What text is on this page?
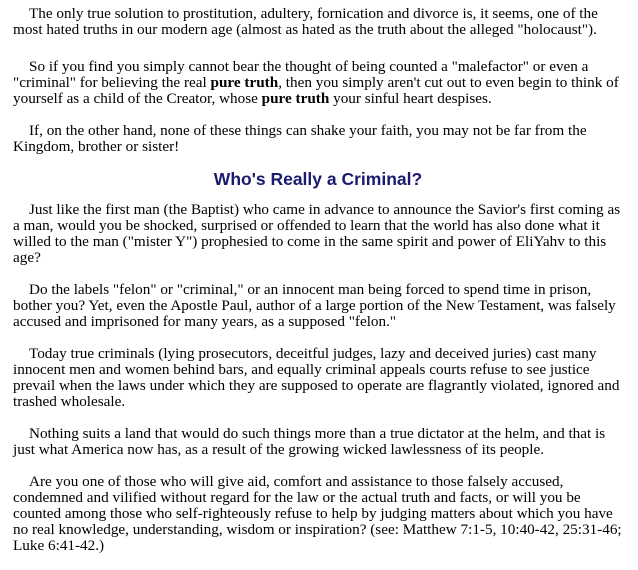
The only true solution to prostitution, adultery, fornication and divorce is, it seems, one of the most hated truths in our modern age (almost as hated as the truth about the alleged "holocaust").

So if you find you simply cannot bear the thought of being counted a "malefactor" or even a "criminal" for believing the real pure truth, then you simply aren't cut out to even begin to think of yourself as a child of the Creator, whose pure truth your sinful heart despises.

If, on the other hand, none of these things can shake your faith, you may not be far from the Kingdom, brother or sister!

Who's Really a Criminal?

Just like the first man (the Baptist) who came in advance to announce the Savior's first coming as a man, would you be shocked, surprised or offended to learn that the world has also done what it willed to the man ("mister Y") prophesied to come in the same spirit and power of EliYahv to this age?

Do the labels "felon" or "criminal," or an innocent man being forced to spend time in prison, bother you? Yet, even the Apostle Paul, author of a large portion of the New Testament, was falsely accused and imprisoned for many years, as a supposed "felon."

Today true criminals (lying prosecutors, deceitful judges, lazy and deceived juries) cast many innocent men and women behind bars, and equally criminal appeals courts refuse to see justice prevail when the laws under which they are supposed to operate are flagrantly violated, ignored and trashed wholesale.

Nothing suits a land that would do such things more than a true dictator at the helm, and that is just what America now has, as a result of the growing wicked lawlessness of its people.

Are you one of those who will give aid, comfort and assistance to those falsely accused, condemned and vilified without regard for the law or the actual truth and facts, or will you be counted among those who self-righteously refuse to help by judging matters about which you have no real knowledge, understanding, wisdom or inspiration? (see: Matthew 7:1-5, 10:40-42, 25:31-46; Luke 6:41-42.)
